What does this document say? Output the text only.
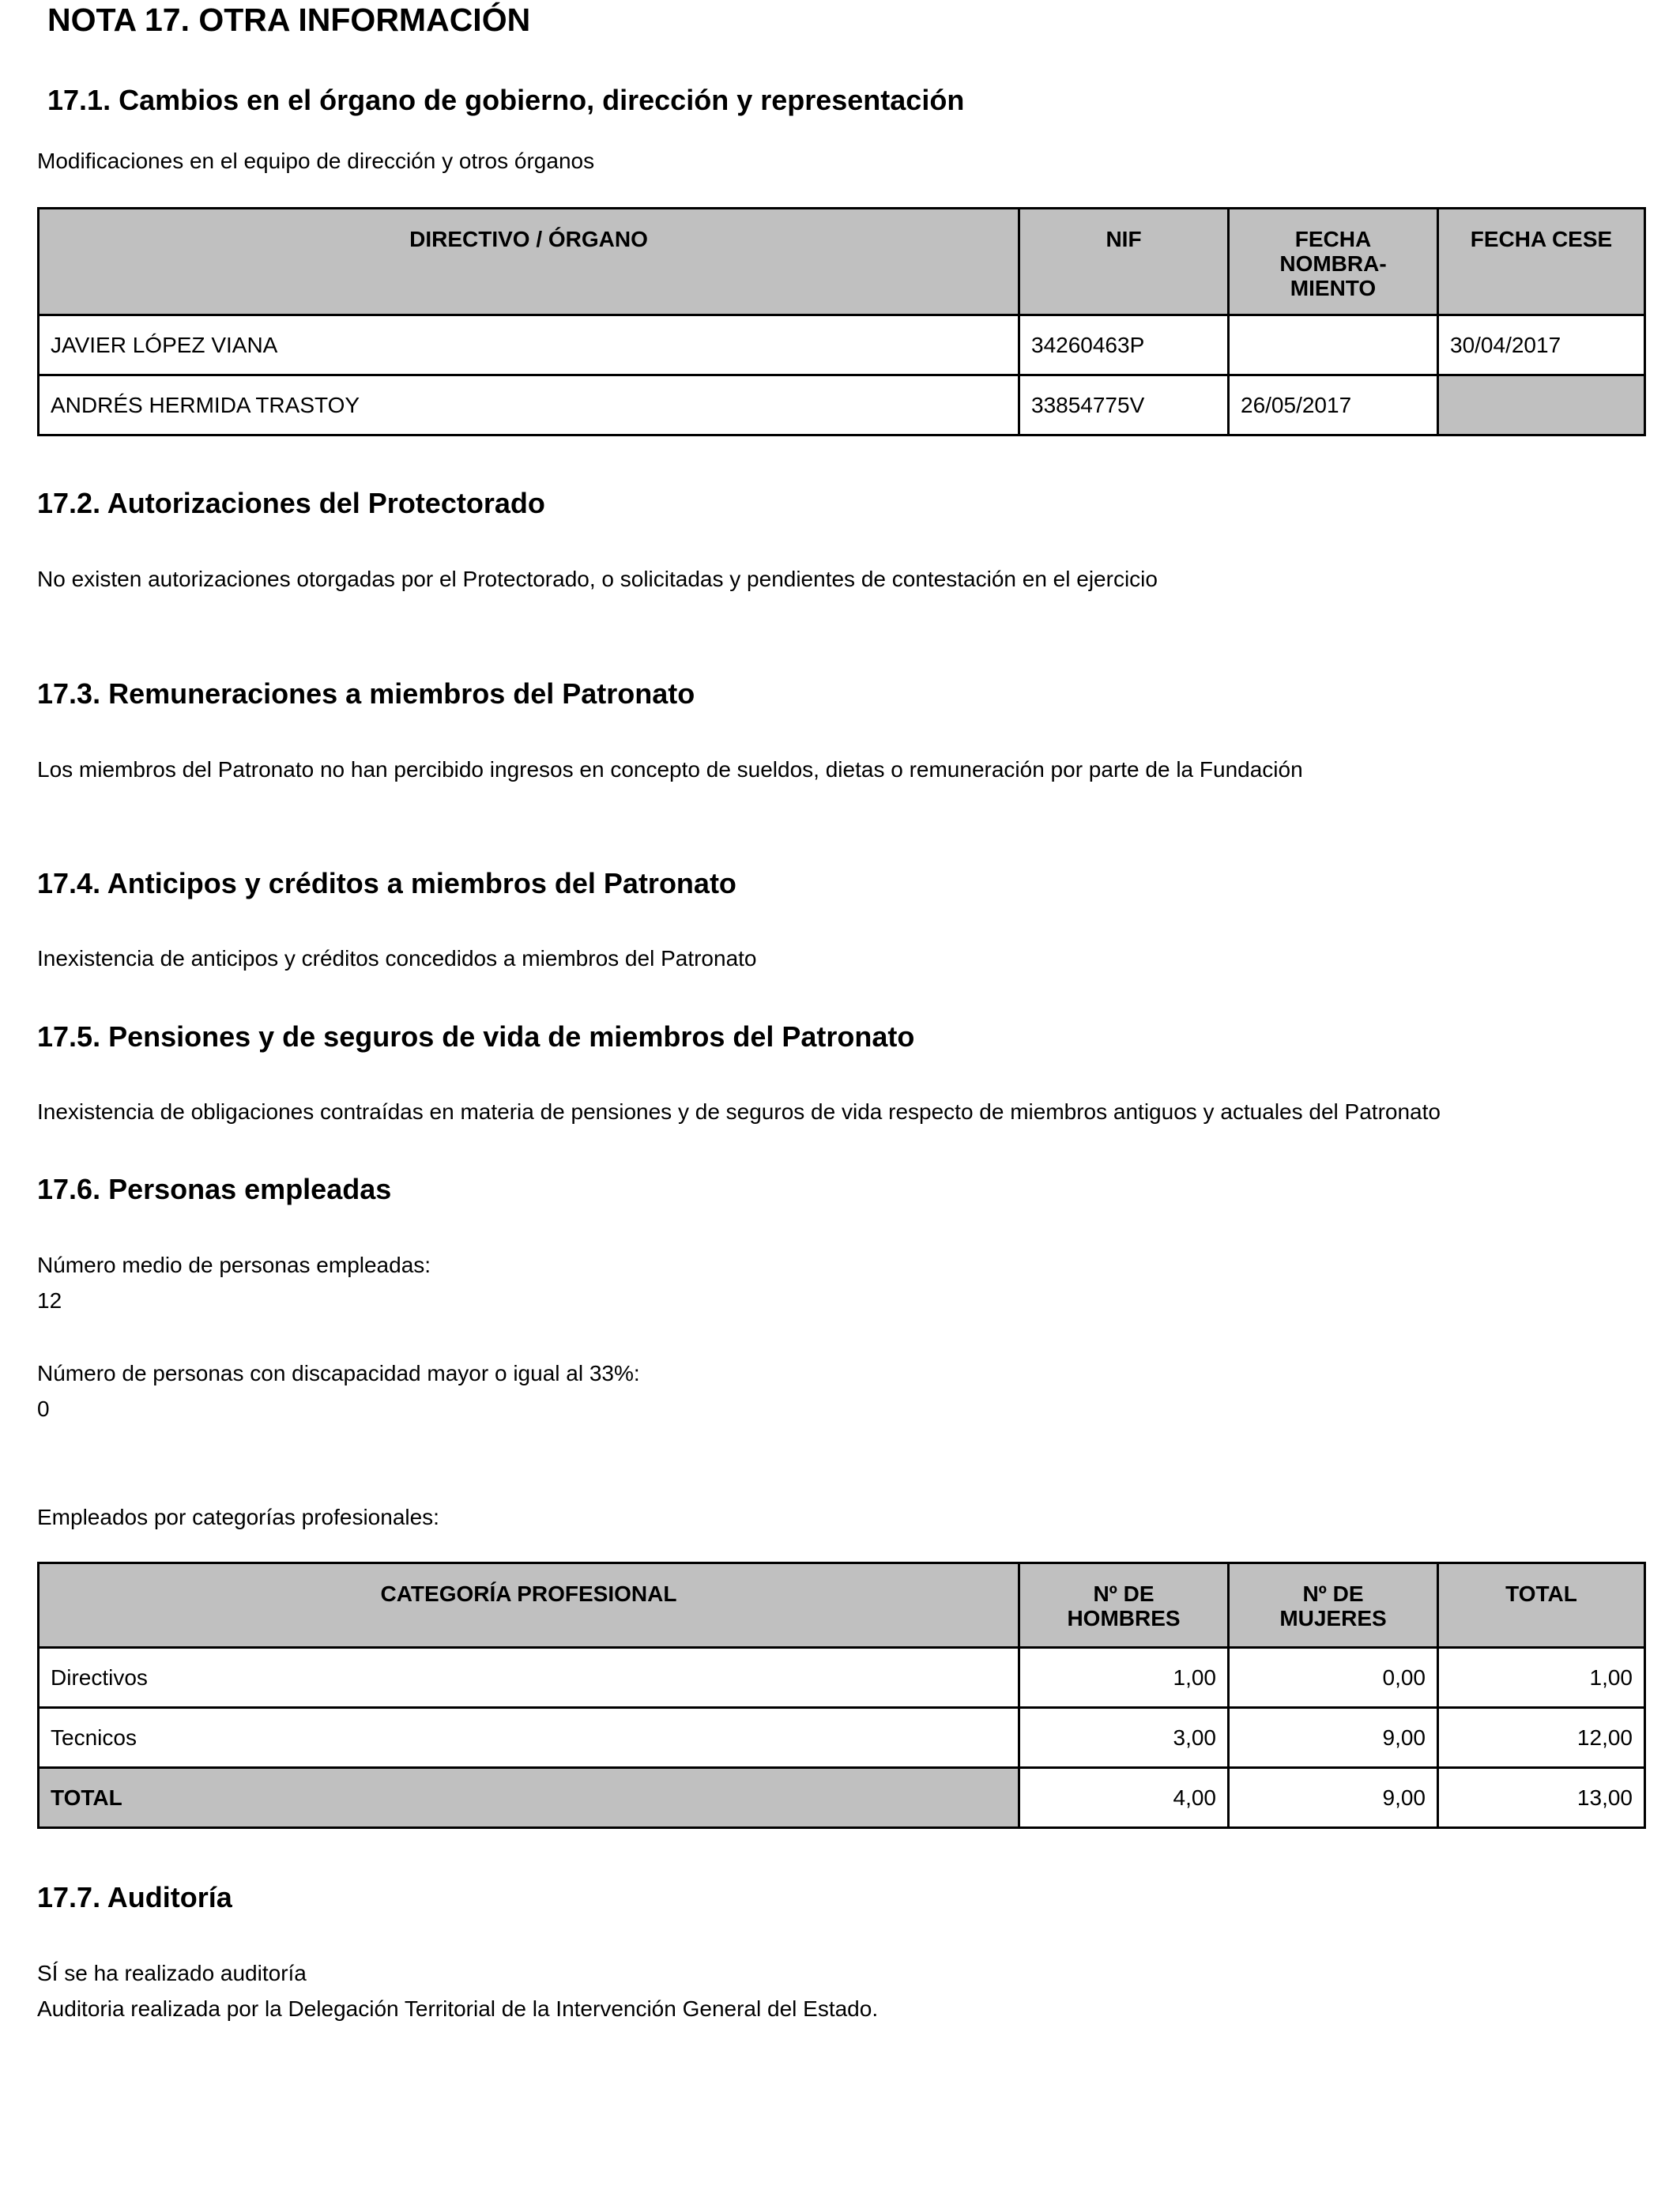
NOTA 17. OTRA INFORMACIÓN
17.1. Cambios en el órgano de gobierno, dirección y representación
Modificaciones en el equipo de dirección y otros órganos
DIRECTIVO / ÓRGANO	NIF	FECHA NOMBRA- MIENTO	FECHA CESE
JAVIER LÓPEZ VIANA	34260463P		30/04/2017
ANDRÉS HERMIDA TRASTOY	33854775V	26/05/2017	
17.2. Autorizaciones del Protectorado
No existen autorizaciones otorgadas por el Protectorado, o solicitadas y pendientes de contestación en el ejercicio
17.3. Remuneraciones a miembros del Patronato
Los miembros del Patronato no han percibido ingresos en concepto de sueldos, dietas o remuneración por parte de la Fundación
17.4. Anticipos y créditos a miembros del Patronato
Inexistencia de anticipos y créditos concedidos a miembros del Patronato
17.5. Pensiones y de seguros de vida de miembros del Patronato
Inexistencia de obligaciones contraídas en materia de pensiones y de seguros de vida respecto de miembros antiguos y actuales del Patronato
17.6. Personas empleadas
Número medio de personas empleadas:
12
Número de personas con discapacidad mayor o igual al 33%:
0
Empleados por categorías profesionales:
CATEGORÍA PROFESIONAL	Nº DE HOMBRES	Nº DE MUJERES	TOTAL
Directivos	1,00	0,00	1,00
Tecnicos	3,00	9,00	12,00
TOTAL	4,00	9,00	13,00
17.7. Auditoría
SÍ se ha realizado auditoría
Auditoria realizada por la Delegación Territorial de la Intervención General del Estado.
